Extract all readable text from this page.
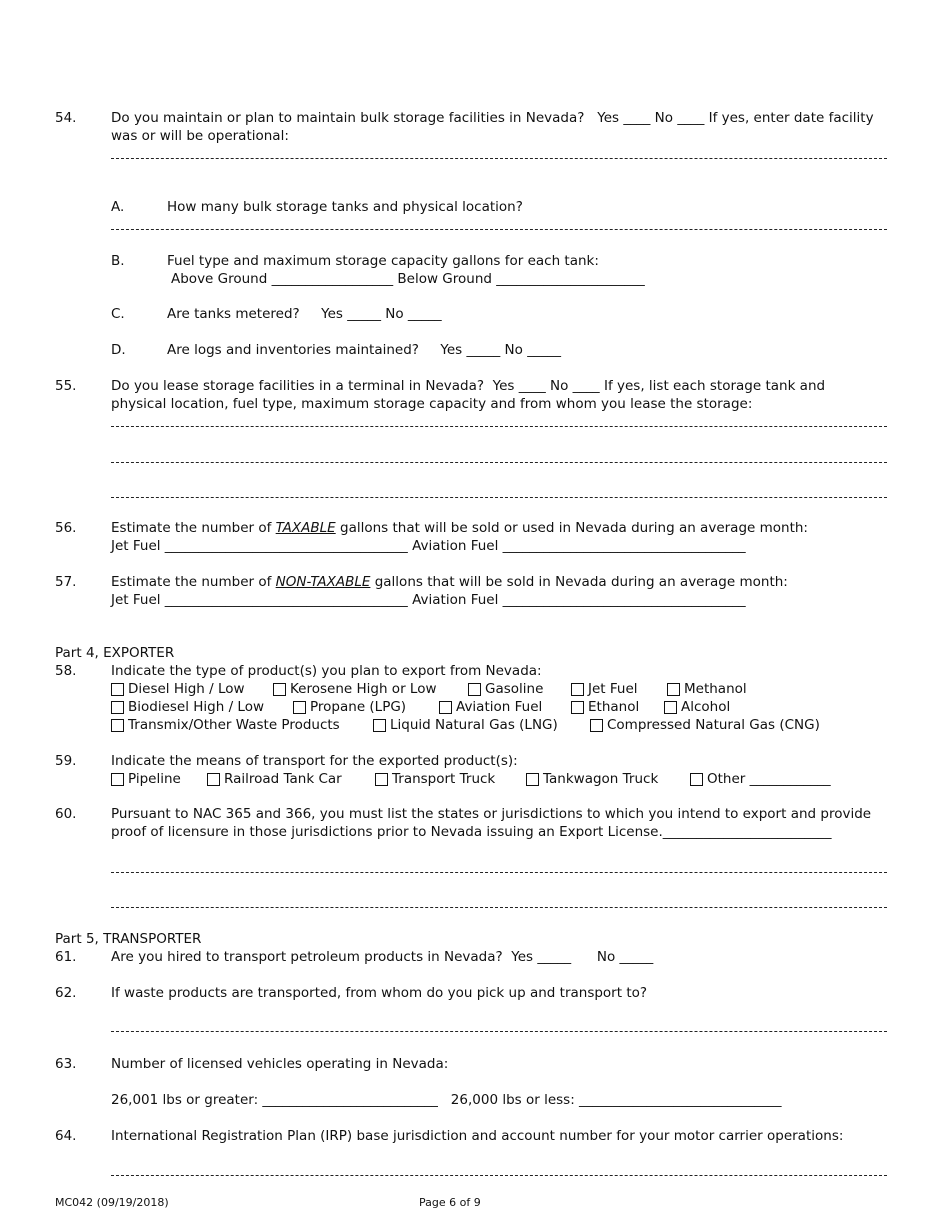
54.	Do you maintain or plan to maintain bulk storage facilities in Nevada?   Yes ____ No ____ If yes, enter date facility
was or will be operational:
A.	How many bulk storage tanks and physical location?
B.	Fuel type and maximum storage capacity gallons for each tank:
Above Ground __________________ Below Ground ______________________
C.	Are tanks metered?     Yes _____ No _____
D.	Are logs and inventories maintained?     Yes _____ No _____
55.	Do you lease storage facilities in a terminal in Nevada?  Yes ____ No ____ If yes, list each storage tank and
physical location, fuel type, maximum storage capacity and from whom you lease the storage:
56.	Estimate the number of TAXABLE gallons that will be sold or used in Nevada during an average month:
Jet Fuel ____________________________________ Aviation Fuel ____________________________________
57.	Estimate the number of NON-TAXABLE gallons that will be sold in Nevada during an average month:
Jet Fuel ____________________________________ Aviation Fuel ____________________________________
Part 4, EXPORTER
58.	Indicate the type of product(s) you plan to export from Nevada:
Diesel High / Low	Kerosene High or Low	Gasoline	Jet Fuel	Methanol
Biodiesel High / Low	Propane (LPG)	Aviation Fuel	Ethanol	Alcohol
Transmix/Other Waste Products	Liquid Natural Gas (LNG)	Compressed Natural Gas (CNG)
59.	Indicate the means of transport for the exported product(s):
Pipeline	Railroad Tank Car	Transport Truck	Tankwagon Truck	Other ____________
60.	Pursuant to NAC 365 and 366, you must list the states or jurisdictions to which you intend to export and provide
proof of licensure in those jurisdictions prior to Nevada issuing an Export License._________________________
Part 5, TRANSPORTER
61.	Are you hired to transport petroleum products in Nevada?  Yes _____      No _____
62.	If waste products are transported, from whom do you pick up and transport to?
63.	Number of licensed vehicles operating in Nevada:
26,001 lbs or greater: __________________________   26,000 lbs or less: ______________________________
64.	International Registration Plan (IRP) base jurisdiction and account number for your motor carrier operations:
MC042 (09/19/2018)	Page 6 of 9
